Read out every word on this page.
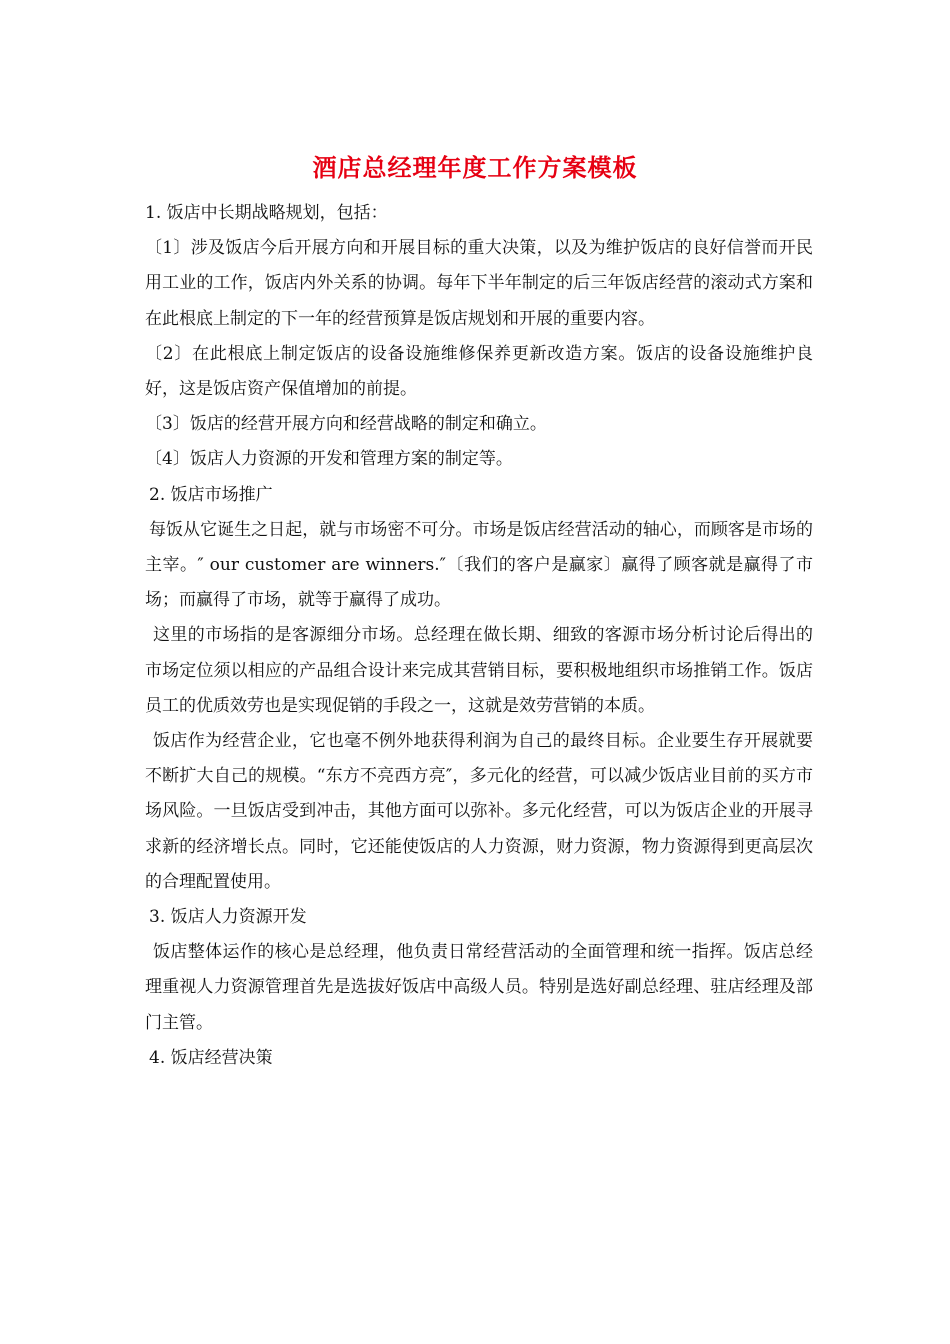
酒店总经理年度工作方案模板

1. 饭店中长期战略规划，包括：

〔1〕涉及饭店今后开展方向和开展目标的重大决策，以及为维护饭店的良好信誉而开民用工业的工作，饭店内外关系的协调。每年下半年制定的后三年饭店经营的滚动式方案和在此根底上制定的下一年的经营预算是饭店规划和开展的重要内容。

〔2〕在此根底上制定饭店的设备设施维修保养更新改造方案。饭店的设备设施维护良好，这是饭店资产保值增加的前提。

〔3〕饭店的经营开展方向和经营战略的制定和确立。

〔4〕饭店人力资源的开发和管理方案的制定等。

2. 饭店市场推广

每饭从它诞生之日起，就与市场密不可分。市场是饭店经营活动的轴心，而顾客是市场的主宰。″ our customer are winners.″〔我们的客户是赢家〕赢得了顾客就是赢得了市场；而赢得了市场，就等于赢得了成功。

这里的市场指的是客源细分市场。总经理在做长期、细致的客源市场分析讨论后得出的市场定位须以相应的产品组合设计来完成其营销目标，要积极地组织市场推销工作。饭店员工的优质效劳也是实现促销的手段之一，这就是效劳营销的本质。

饭店作为经营企业，它也毫不例外地获得利润为自己的最终目标。企业要生存开展就要不断扩大自己的规模。“东方不亮西方亮″，多元化的经营，可以减少饭店业目前的买方市场风险。一旦饭店受到冲击，其他方面可以弥补。多元化经营，可以为饭店企业的开展寻求新的经济增长点。同时，它还能使饭店的人力资源，财力资源，物力资源得到更高层次的合理配置使用。

3. 饭店人力资源开发

饭店整体运作的核心是总经理，他负责日常经营活动的全面管理和统一指挥。饭店总经理重视人力资源管理首先是选拔好饭店中高级人员。特别是选好副总经理、驻店经理及部门主管。

4. 饭店经营决策
